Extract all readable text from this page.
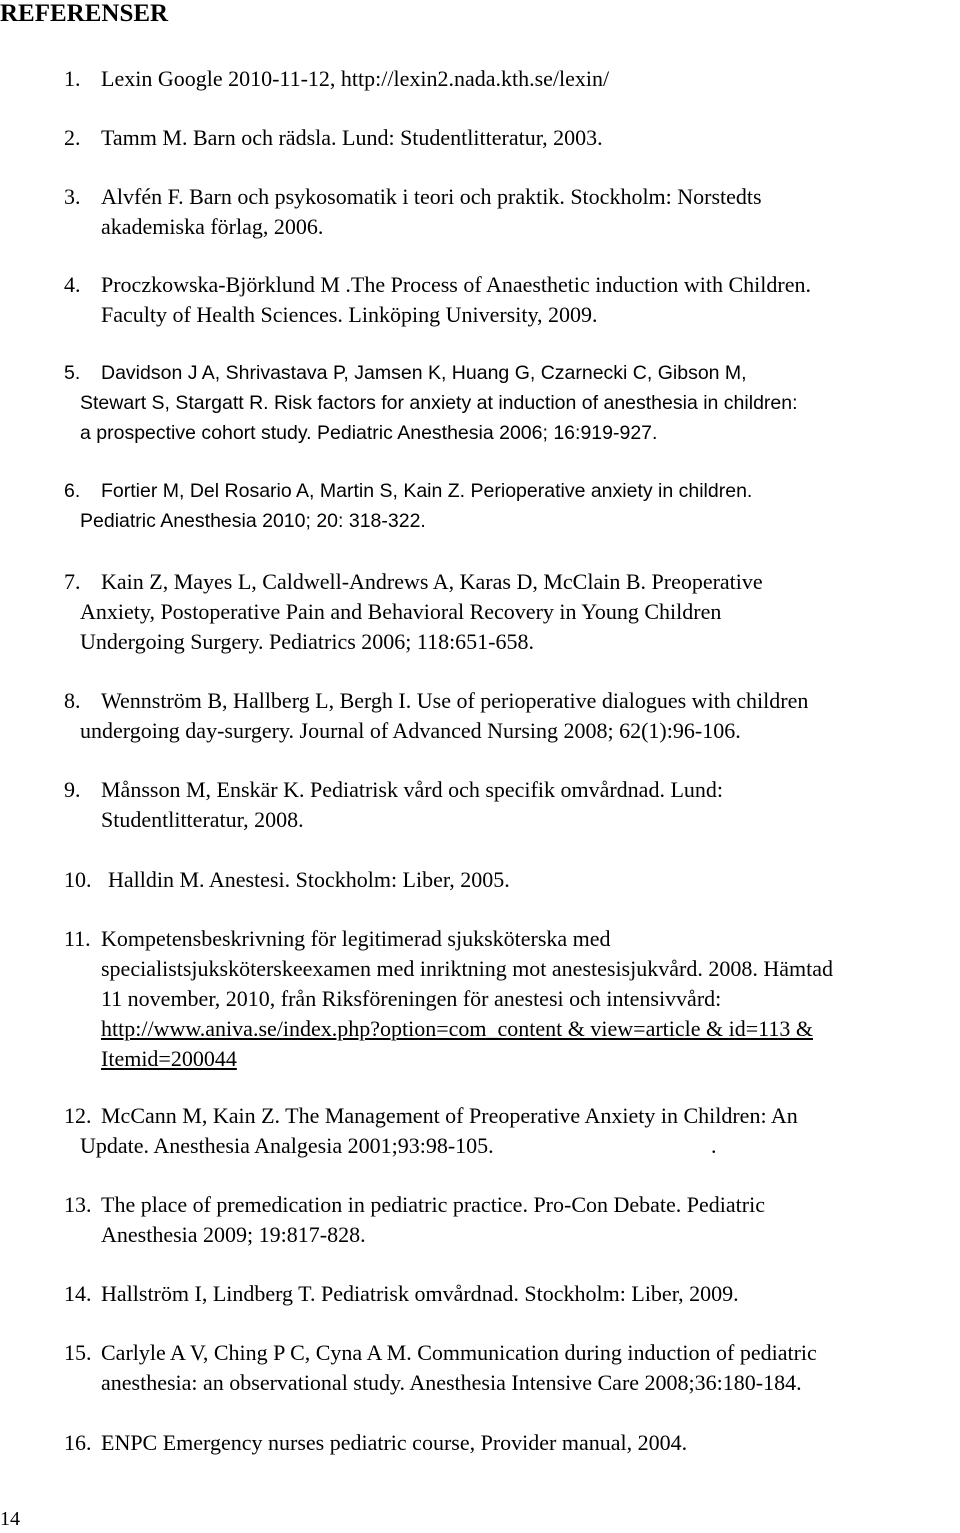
REFERENSER
1. Lexin Google 2010-11-12, http://lexin2.nada.kth.se/lexin/
2. Tamm M. Barn och rädsla. Lund: Studentlitteratur, 2003.
3. Alvfén F. Barn och psykosomatik i teori och praktik. Stockholm: Norstedts
akademiska förlag, 2006.
4. Proczkowska-Björklund M .The Process of Anaesthetic induction with Children.
Faculty of Health Sciences. Linköping University, 2009.
5. Davidson J A, Shrivastava P, Jamsen K, Huang G, Czarnecki C, Gibson M,
Stewart S, Stargatt R. Risk factors for anxiety at induction of anesthesia in children:
a prospective cohort study. Pediatric Anesthesia 2006; 16:919-927.
6. Fortier M, Del Rosario A, Martin S, Kain Z. Perioperative anxiety in children.
Pediatric Anesthesia 2010; 20: 318-322.
7. Kain Z, Mayes L, Caldwell-Andrews A, Karas D, McClain B. Preoperative
Anxiety, Postoperative Pain and Behavioral Recovery in Young Children
Undergoing Surgery. Pediatrics 2006; 118:651-658.
8. Wennström B, Hallberg L, Bergh I. Use of perioperative dialogues with children
undergoing day-surgery. Journal of Advanced Nursing 2008; 62(1):96-106.
9. Månsson M, Enskär K. Pediatrisk vård och specifik omvårdnad. Lund:
Studentlitteratur, 2008.
10. Halldin M. Anestesi. Stockholm: Liber, 2005.
11. Kompetensbeskrivning för legitimerad sjuksköterska med
specialistsjuksköterskeexamen med inriktning mot anestesisjukvård. 2008. Hämtad
11 november, 2010, från Riksföreningen för anestesi och intensivvård:
http://www.aniva.se/index.php?option=com_content & view=article & id=113 &
Itemid=200044
12. McCann M, Kain Z. The Management of Preoperative Anxiety in Children: An
Update. Anesthesia Analgesia 2001;93:98-105.	.
13. The place of premedication in pediatric practice. Pro-Con Debate. Pediatric
Anesthesia 2009; 19:817-828.
14. Hallström I, Lindberg T. Pediatrisk omvårdnad. Stockholm: Liber, 2009.
15. Carlyle A V, Ching P C, Cyna A M. Communication during induction of pediatric
anesthesia: an observational study. Anesthesia Intensive Care 2008;36:180-184.
16. ENPC Emergency nurses pediatric course, Provider manual, 2004.
14
